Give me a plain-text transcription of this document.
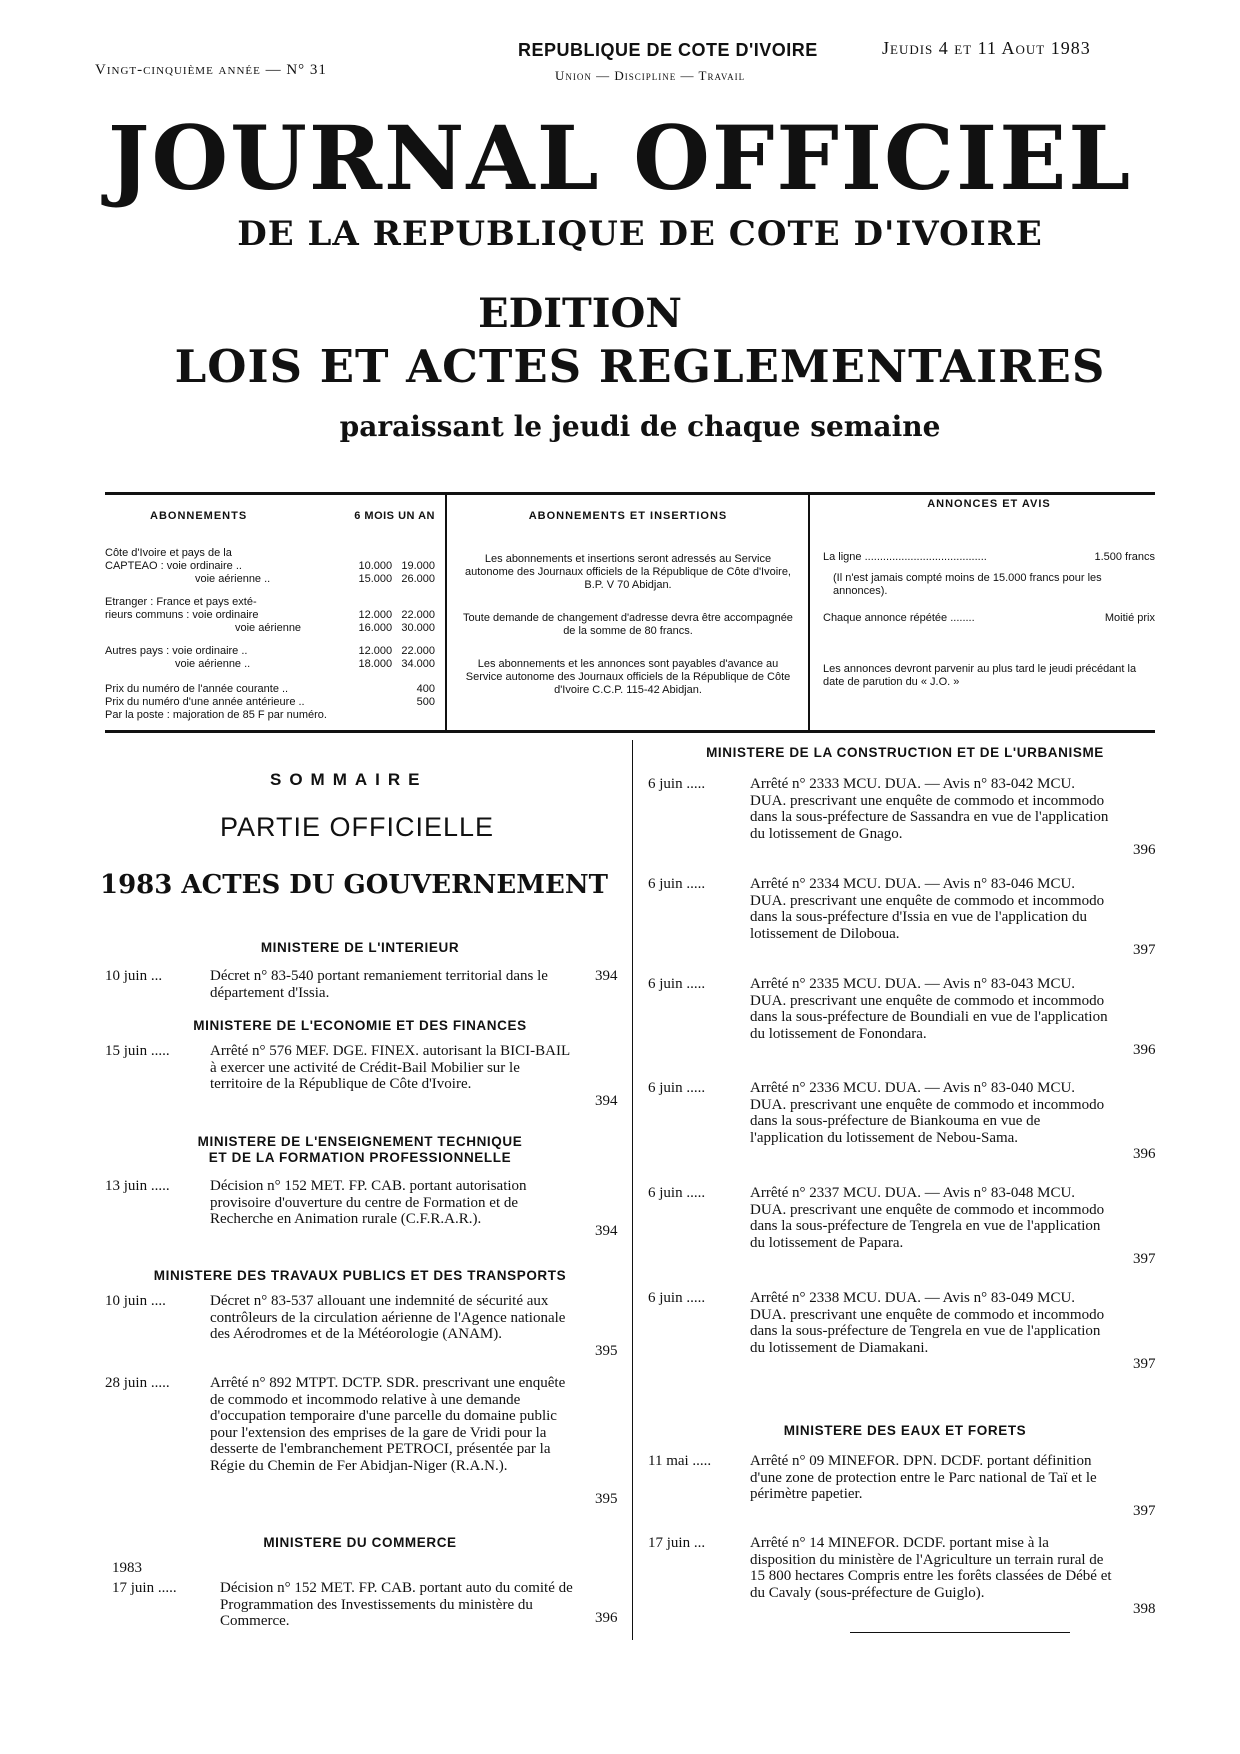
Vingt-cinquième année — N° 31
REPUBLIQUE DE COTE D'IVOIRE
Union — Discipline — Travail
Jeudis 4 et 11 Aout 1983
JOURNAL OFFICIEL
DE LA REPUBLIQUE DE COTE D'IVOIRE
EDITION
LOIS ET ACTES REGLEMENTAIRES
paraissant le jeudi de chaque semaine
ABONNEMENTS	6 MOIS UN AN
Côte d'Ivoire et pays de la
CAPTEAO : voie ordinaire ..	10.000 19.000
voie aérienne ..	15.000 26.000
Etranger : France et pays exté-
rieurs communs : voie ordinaire	12.000 22.000
voie aérienne	16.000 30.000
Autres pays : voie ordinaire ..	12.000 22.000
voie aérienne ..	18.000 34.000
Prix du numéro de l'année courante ..	400
Prix du numéro d'une année antérieure ..	500
Par la poste : majoration de 85 F par numéro.
ABONNEMENTS ET INSERTIONS
Les abonnements et insertions seront adressés au Service autonome des Journaux officiels de la République de Côte d'Ivoire, B.P. V 70 Abidjan.
Toute demande de changement d'adresse devra être accompagnée de la somme de 80 francs.
Les abonnements et les annonces sont payables d'avance au Service autonome des Journaux officiels de la République de Côte d'Ivoire C.C.P. 115-42 Abidjan.
ANNONCES ET AVIS
La ligne ........................................	1.500 francs
(Il n'est jamais compté moins de 15.000 francs pour les annonces).
Chaque annonce répétée ........	Moitié prix
Les annonces devront parvenir au plus tard le jeudi précédant la date de parution du « J.O. »
SOMMAIRE
PARTIE OFFICIELLE
1983 ACTES DU GOUVERNEMENT
MINISTERE DE L'INTERIEUR
10 juin ...	Décret n° 83-540 portant remaniement territorial dans le département d'Issia.
394
MINISTERE DE L'ECONOMIE ET DES FINANCES
15 juin .....	Arrêté n° 576 MEF. DGE. FINEX. autorisant la BICI-BAIL à exercer une activité de Crédit-Bail Mobilier sur le territoire de la République de Côte d'Ivoire.
394
MINISTERE DE L'ENSEIGNEMENT TECHNIQUE
ET DE LA FORMATION PROFESSIONNELLE
13 juin .....	Décision n° 152 MET. FP. CAB. portant autorisation provisoire d'ouverture du centre de Formation et de Recherche en Animation rurale (C.F.R.A.R.).
394
MINISTERE DES TRAVAUX PUBLICS ET DES TRANSPORTS
10 juin ....	Décret n° 83-537 allouant une indemnité de sécurité aux contrôleurs de la circulation aérienne de l'Agence nationale des Aérodromes et de la Météorologie (ANAM).
395
28 juin .....	Arrêté n° 892 MTPT. DCTP. SDR. prescrivant une enquête de commodo et incommodo relative à une demande d'occupation temporaire d'une parcelle du domaine public pour l'extension des emprises de la gare de Vridi pour la desserte de l'embranchement PETROCI, présentée par la Régie du Chemin de Fer Abidjan-Niger (R.A.N.).
395
MINISTERE DU COMMERCE
1983
17 juin .....	Décision n° 152 MET. FP. CAB. portant auto du comité de Programmation des Investissements du ministère du Commerce.	396
MINISTERE DE LA CONSTRUCTION ET DE L'URBANISME
6 juin .....	Arrêté n° 2333 MCU. DUA. — Avis n° 83-042 MCU. DUA. prescrivant une enquête de commodo et incommodo dans la sous-préfecture de Sassandra en vue de l'application du lotissement de Gnago.
396
6 juin .....	Arrêté n° 2334 MCU. DUA. — Avis n° 83-046 MCU. DUA. prescrivant une enquête de commodo et incommodo dans la sous-préfecture d'Issia en vue de l'application du lotissement de Diloboua.
397
6 juin .....	Arrêté n° 2335 MCU. DUA. — Avis n° 83-043 MCU. DUA. prescrivant une enquête de commodo et incommodo dans la sous-préfecture de Boundiali en vue de l'application du lotissement de Fonondara.
396
6 juin .....	Arrêté n° 2336 MCU. DUA. — Avis n° 83-040 MCU. DUA. prescrivant une enquête de commodo et incommodo dans la sous-préfecture de Biankouma en vue de l'application du lotissement de Nebou-Sama.
396
6 juin .....	Arrêté n° 2337 MCU. DUA. — Avis n° 83-048 MCU. DUA. prescrivant une enquête de commodo et incommodo dans la sous-préfecture de Tengrela en vue de l'application du lotissement de Papara.
397
6 juin .....	Arrêté n° 2338 MCU. DUA. — Avis n° 83-049 MCU. DUA. prescrivant une enquête de commodo et incommodo dans la sous-préfecture de Tengrela en vue de l'application du lotissement de Diamakani.
397
MINISTERE DES EAUX ET FORETS
11 mai .....	Arrêté n° 09 MINEFOR. DPN. DCDF. portant définition d'une zone de protection entre le Parc national de Taï et le périmètre papetier.
397
17 juin ...	Arrêté n° 14 MINEFOR. DCDF. portant mise à la disposition du ministère de l'Agriculture un terrain rural de 15 800 hectares Compris entre les forêts classées de Débé et du Cavaly (sous-préfecture de Guiglo).
398
